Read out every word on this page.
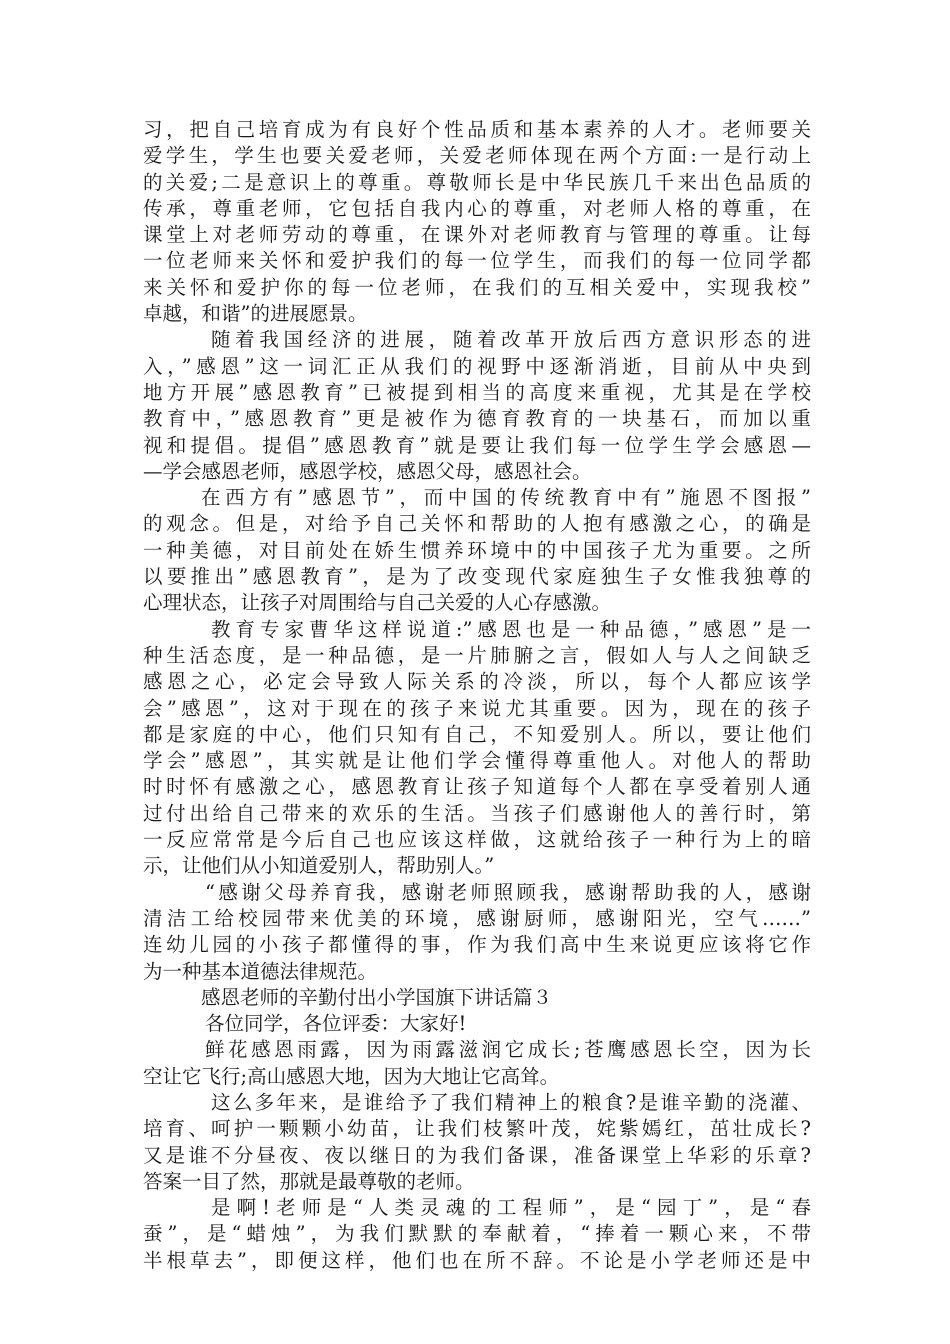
习，把自己培育成为有良好个性品质和基本素养的人才。老师要关
爱学生，学生也要关爱老师，关爱老师体现在两个方面:一是行动上
的关爱;二是意识上的尊重。尊敬师长是中华民族几千来出色品质的
传承，尊重老师，它包括自我内心的尊重，对老师人格的尊重，在
课堂上对老师劳动的尊重，在课外对老师教育与管理的尊重。让每
一位老师来关怀和爱护我们的每一位学生，而我们的每一位同学都
来关怀和爱护你的每一位老师，在我们的互相关爱中，实现我校”
卓越，和谐”的进展愿景。
随着我国经济的进展，随着改革开放后西方意识形态的进
入，”感恩”这一词汇正从我们的视野中逐渐消逝，目前从中央到
地方开展”感恩教育”已被提到相当的高度来重视，尤其是在学校
教育中，”感恩教育”更是被作为德育教育的一块基石，而加以重
视和提倡。提倡”感恩教育”就是要让我们每一位学生学会感恩—
—学会感恩老师，感恩学校，感恩父母，感恩社会。
在西方有”感恩节”，而中国的传统教育中有”施恩不图报”
的观念。但是，对给予自己关怀和帮助的人抱有感激之心，的确是
一种美德，对目前处在娇生惯养环境中的中国孩子尤为重要。之所
以要推出”感恩教育”，是为了改变现代家庭独生子女惟我独尊的
心理状态，让孩子对周围给与自己关爱的人心存感激。
教育专家曹华这样说道:”感恩也是一种品德，”感恩”是一
种生活态度，是一种品德，是一片肺腑之言，假如人与人之间缺乏
感恩之心，必定会导致人际关系的冷淡，所以，每个人都应该学
会”感恩”，这对于现在的孩子来说尤其重要。因为，现在的孩子
都是家庭的中心，他们只知有自己，不知爱别人。所以，要让他们
学会”感恩”，其实就是让他们学会懂得尊重他人。对他人的帮助
时时怀有感激之心，感恩教育让孩子知道每个人都在享受着别人通
过付出给自己带来的欢乐的生活。当孩子们感谢他人的善行时，第
一反应常常是今后自己也应该这样做，这就给孩子一种行为上的暗
示，让他们从小知道爱别人，帮助别人。”
“感谢父母养育我，感谢老师照顾我，感谢帮助我的人，感谢
清洁工给校园带来优美的环境，感谢厨师，感谢阳光，空气……”
连幼儿园的小孩子都懂得的事，作为我们高中生来说更应该将它作
为一种基本道德法律规范。
感恩老师的辛勤付出小学国旗下讲话篇３
各位同学，各位评委：大家好!
鲜花感恩雨露，因为雨露滋润它成长;苍鹰感恩长空，因为长
空让它飞行;高山感恩大地，因为大地让它高耸。
这么多年来，是谁给予了我们精神上的粮食?是谁辛勤的浇灌、
培育、呵护一颗颗小幼苗，让我们枝繁叶茂，姹紫嫣红，茁壮成长?
又是谁不分昼夜、夜以继日的为我们备课，准备课堂上华彩的乐章?
答案一目了然，那就是最尊敬的老师。
是啊!老师是“人类灵魂的工程师”，是“园丁”，是“春
蚕”，是“蜡烛”，为我们默默的奉献着，“捧着一颗心来，不带
半根草去”，即便这样，他们也在所不辞。不论是小学老师还是中
